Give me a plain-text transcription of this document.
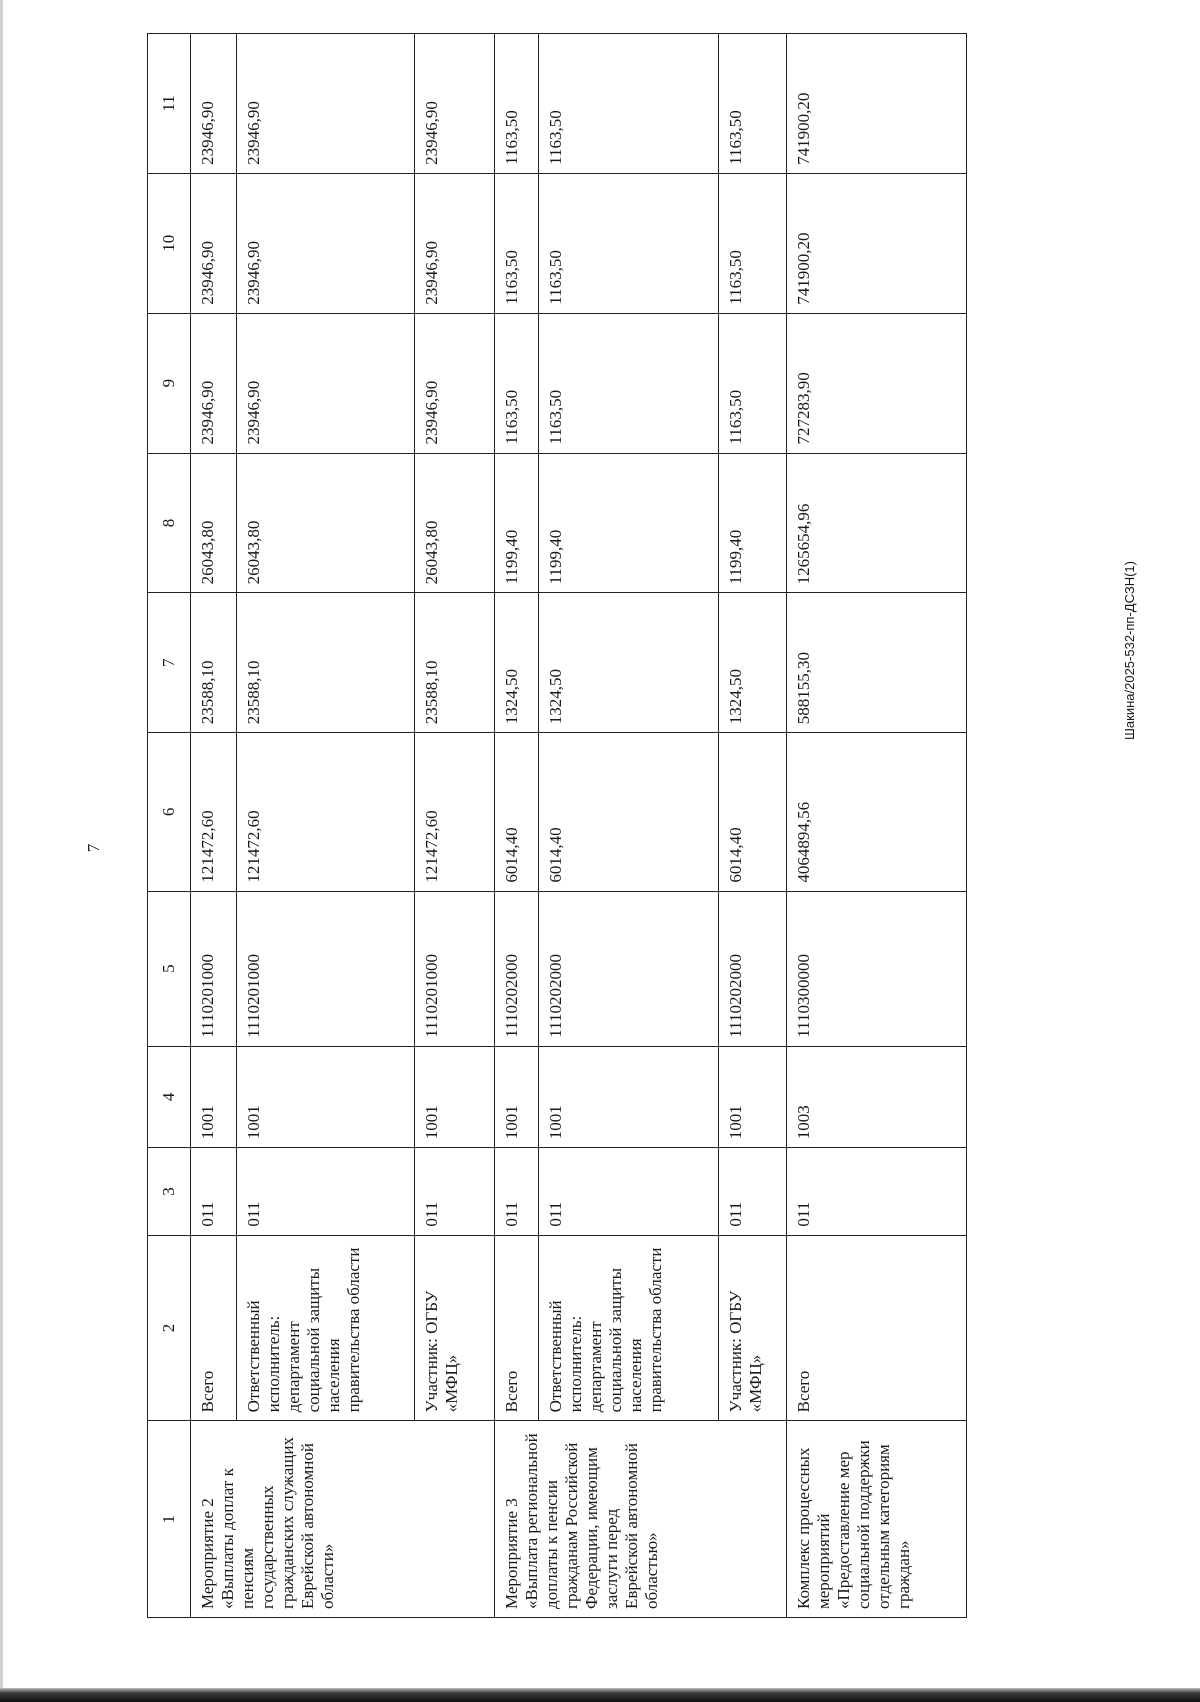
7
Шакина/2025-532-пп-ДСЗН(1)
1	2	3	4	5	6	7	8	9	10	11
Мероприятие 2 «Выплаты доплат к пенсиям государственных гражданских служащих Еврейской автономной области»	Всего	011	1001	1110201000	121472,60	23588,10	26043,80	23946,90	23946,90	23946,90
	Ответственный исполнитель: департамент социальной защиты населения правительства области	011	1001	1110201000	121472,60	23588,10	26043,80	23946,90	23946,90	23946,90
	Участник: ОГБУ «МФЦ»	011	1001	1110201000	121472,60	23588,10	26043,80	23946,90	23946,90	23946,90
Мероприятие 3 «Выплата региональной доплаты к пенсии гражданам Российской Федерации, имеющим заслуги перед Еврейской автономной областью»	Всего	011	1001	1110202000	6014,40	1324,50	1199,40	1163,50	1163,50	1163,50
	Ответственный исполнитель: департамент социальной защиты населения правительства области	011	1001	1110202000	6014,40	1324,50	1199,40	1163,50	1163,50	1163,50
	Участник: ОГБУ «МФЦ»	011	1001	1110202000	6014,40	1324,50	1199,40	1163,50	1163,50	1163,50
Комплекс процессных мероприятий «Предоставление мер социальной поддержки отдельным категориям граждан»	Всего	011	1003	1110300000	4064894,56	588155,30	1265654,96	727283,90	741900,20	741900,20
